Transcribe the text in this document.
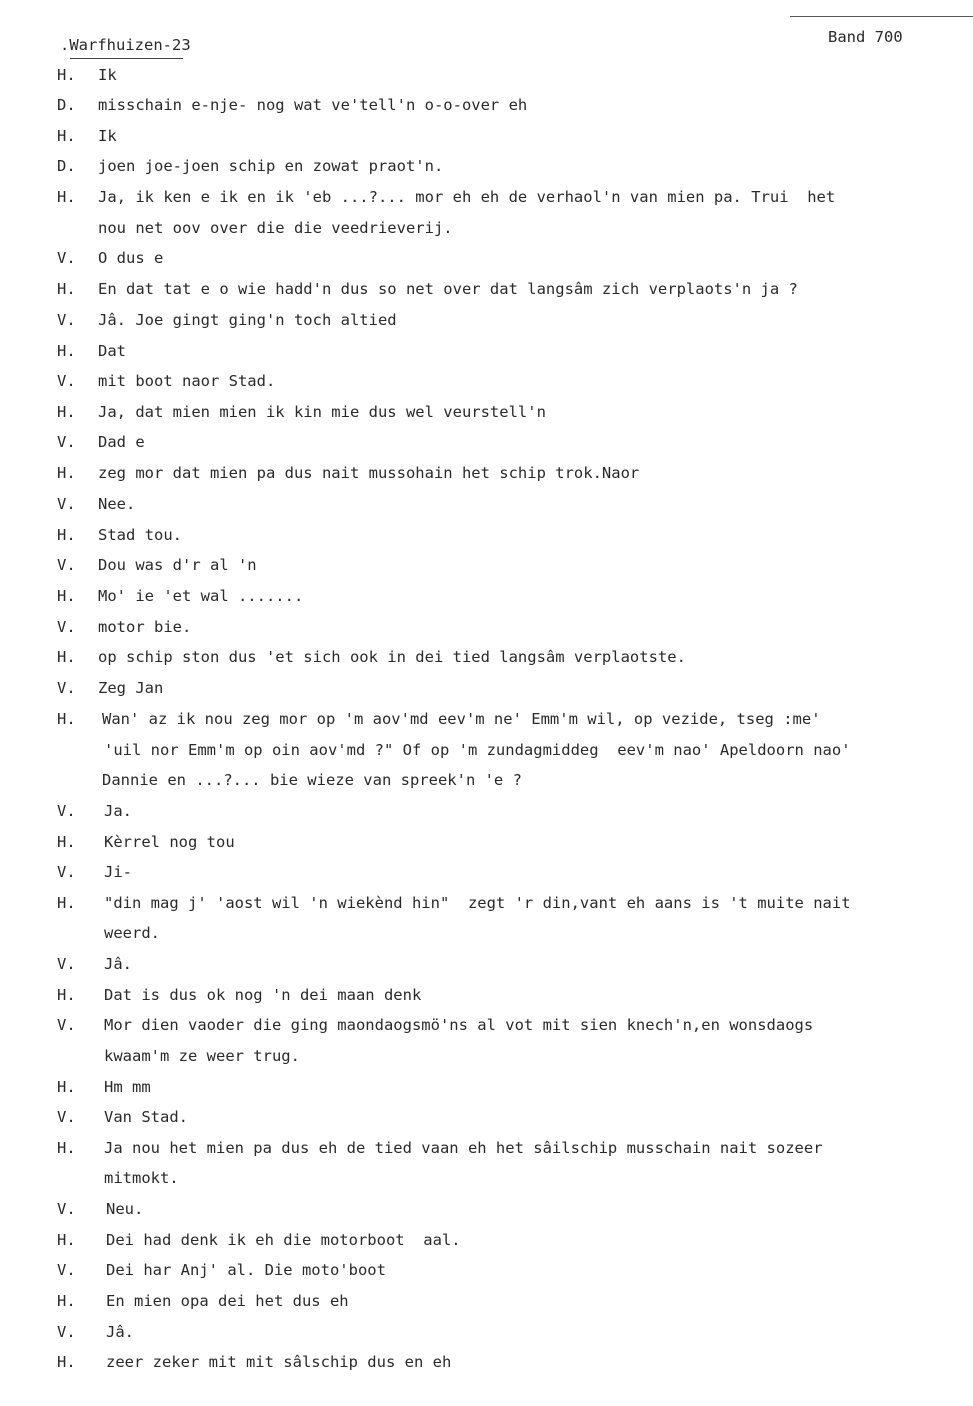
.Warfhuizen-23	Band 700
H. Ik
D. misschain e-nje- nog wat ve'tell'n o-o-over eh
H. Ik
D. joen joe-joen schip en zowat praot'n.
H. Ja, ik ken e ik en ik 'eb ...?... mor eh eh de verhaol'n van mien pa. Trui  het
nou net oov over die die veedrieverij.
V. O dus e
H. En dat tat e o wie hadd'n dus so net over dat langsâm zich verplaots'n ja ?
V. Jâ. Joe gingt ging'n toch altied
H. Dat
V. mit boot naor Stad.
H. Ja, dat mien mien ik kin mie dus wel veurstell'n
V. Dad e
H. zeg mor dat mien pa dus nait mussohain het schip trok.Naor
V. Nee.
H. Stad tou.
V. Dou was d'r al 'n
H. Mo' ie 'et wal .......
V. motor bie.
H. op schip ston dus 'et sich ook in dei tied langsâm verplaotste.
V. Zeg Jan
H. Wan' az ik nou zeg mor op 'm aov'md eev'm ne' Emm'm wil, op vezide, tseg :me'
'uil nor Emm'm op oin aov'md ?" Of op 'm zundagmiddeg  eev'm nao' Apeldoorn nao'
Dannie en ...?... bie wieze van spreek'n 'e ?
V. Ja.
H. Kèrrel nog tou
V. Ji-
H. "din mag j' 'aost wil 'n wiekènd hin"  zegt 'r din,vant eh aans is 't muite nait
weerd.
V. Jâ.
H. Dat is dus ok nog 'n dei maan denk
V. Mor dien vaoder die ging maondaogsmö'ns al vot mit sien knech'n,en wonsdaogs
kwaam'm ze weer trug.
H. Hm mm
V. Van Stad.
H. Ja nou het mien pa dus eh de tied vaan eh het sâilschip musschain nait sozeer
mitmokt.
V. Neu.
H. Dei had denk ik eh die motorboot  aal.
V. Dei har Anj' al. Die moto'boot
H. En mien opa dei het dus eh
V. Jâ.
H. zeer zeker mit mit sâlschip dus en eh
